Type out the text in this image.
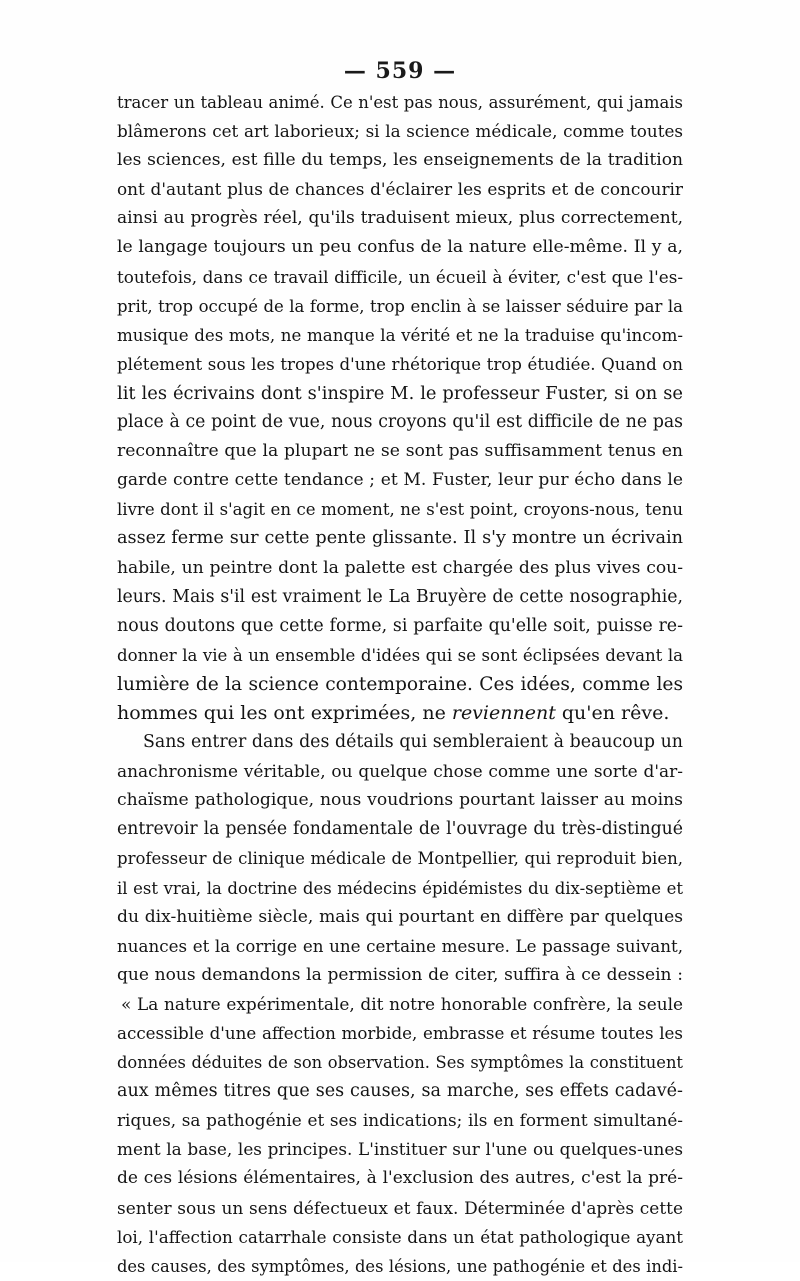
— 559 —
tracer un tableau animé. Ce n'est pas nous, assurément, qui jamais
blâmerons cet art laborieux; si la science médicale, comme toutes
les sciences, est fille du temps, les enseignements de la tradition
ont d'autant plus de chances d'éclairer les esprits et de concourir
ainsi au progrès réel, qu'ils traduisent mieux, plus correctement,
le langage toujours un peu confus de la nature elle-même. Il y a,
toutefois, dans ce travail difficile, un écueil à éviter, c'est que l'es-
prit, trop occupé de la forme, trop enclin à se laisser séduire par la
musique des mots, ne manque la vérité et ne la traduise qu'incom-
plétement sous les tropes d'une rhétorique trop étudiée. Quand on
lit les écrivains dont s'inspire M. le professeur Fuster, si on se
place à ce point de vue, nous croyons qu'il est difficile de ne pas
reconnaître que la plupart ne se sont pas suffisamment tenus en
garde contre cette tendance ; et M. Fuster, leur pur écho dans le
livre dont il s'agit en ce moment, ne s'est point, croyons-nous, tenu
assez ferme sur cette pente glissante. Il s'y montre un écrivain
habile, un peintre dont la palette est chargée des plus vives cou-
leurs. Mais s'il est vraiment le La Bruyère de cette nosographie,
nous doutons que cette forme, si parfaite qu'elle soit, puisse re-
donner la vie à un ensemble d'idées qui se sont éclipsées devant la
lumière de la science contemporaine. Ces idées, comme les
hommes qui les ont exprimées, ne reviennent qu'en rêve.
Sans entrer dans des détails qui sembleraient à beaucoup un
anachronisme véritable, ou quelque chose comme une sorte d'ar-
chaïsme pathologique, nous voudrions pourtant laisser au moins
entrevoir la pensée fondamentale de l'ouvrage du très-distingué
professeur de clinique médicale de Montpellier, qui reproduit bien,
il est vrai, la doctrine des médecins épidémistes du dix-septième et
du dix-huitième siècle, mais qui pourtant en diffère par quelques
nuances et la corrige en une certaine mesure. Le passage suivant,
que nous demandons la permission de citer, suffira à ce dessein :
« La nature expérimentale, dit notre honorable confrère, la seule
accessible d'une affection morbide, embrasse et résume toutes les
données déduites de son observation. Ses symptômes la constituent
aux mêmes titres que ses causes, sa marche, ses effets cadavé-
riques, sa pathogénie et ses indications; ils en forment simultané-
ment la base, les principes. L'instituer sur l'une ou quelques-unes
de ces lésions élémentaires, à l'exclusion des autres, c'est la pré-
senter sous un sens défectueux et faux. Déterminée d'après cette
loi, l'affection catarrhale consiste dans un état pathologique ayant
des causes, des symptômes, des lésions, une pathogénie et des indi-
